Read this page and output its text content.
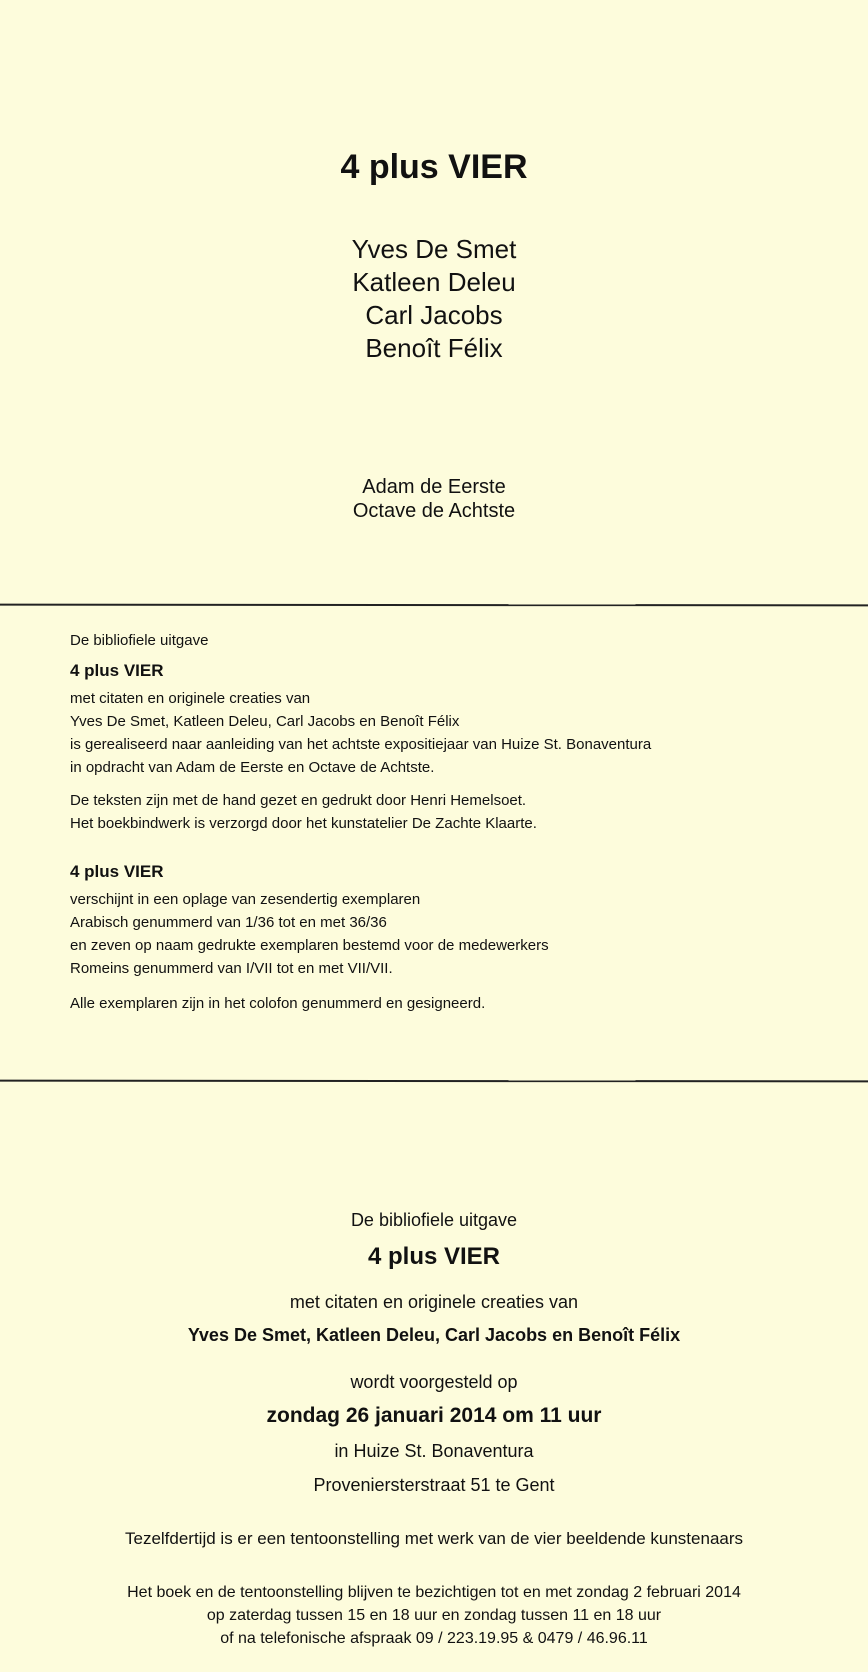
4 plus VIER
Yves De Smet
Katleen Deleu
Carl Jacobs
Benoît Félix
Adam de Eerste
Octave de Achtste
De bibliofiele uitgave
4 plus VIER
met citaten en originele creaties van
Yves De Smet, Katleen Deleu, Carl Jacobs en Benoît Félix
is gerealiseerd naar aanleiding van het achtste expositiejaar van Huize St. Bonaventura
in opdracht van Adam de Eerste en Octave de Achtste.
De teksten zijn met de hand gezet en gedrukt door Henri Hemelsoet.
Het boekbindwerk is verzorgd door het kunstatelier De Zachte Klaarte.
4 plus VIER
verschijnt in een oplage van zesendertig exemplaren
Arabisch genummerd van 1/36 tot en met 36/36
en zeven op naam gedrukte exemplaren bestemd voor de medewerkers
Romeins genummerd van I/VII tot en met VII/VII.
Alle exemplaren zijn in het colofon genummerd en gesigneerd.
De bibliofiele uitgave
4 plus VIER
met citaten en originele creaties van
Yves De Smet, Katleen Deleu, Carl Jacobs en Benoît Félix
wordt voorgesteld op
zondag 26 januari 2014 om 11 uur
in Huize St. Bonaventura
Proveniersterstraat 51 te Gent
Tezelfdertijd is er een tentoonstelling met werk van de vier beeldende kunstenaars
Het boek en de tentoonstelling blijven te bezichtigen tot en met zondag 2 februari 2014
op zaterdag tussen 15 en 18 uur en zondag tussen 11 en 18 uur
of na telefonische afspraak 09 / 223.19.95 & 0479 / 46.96.11
